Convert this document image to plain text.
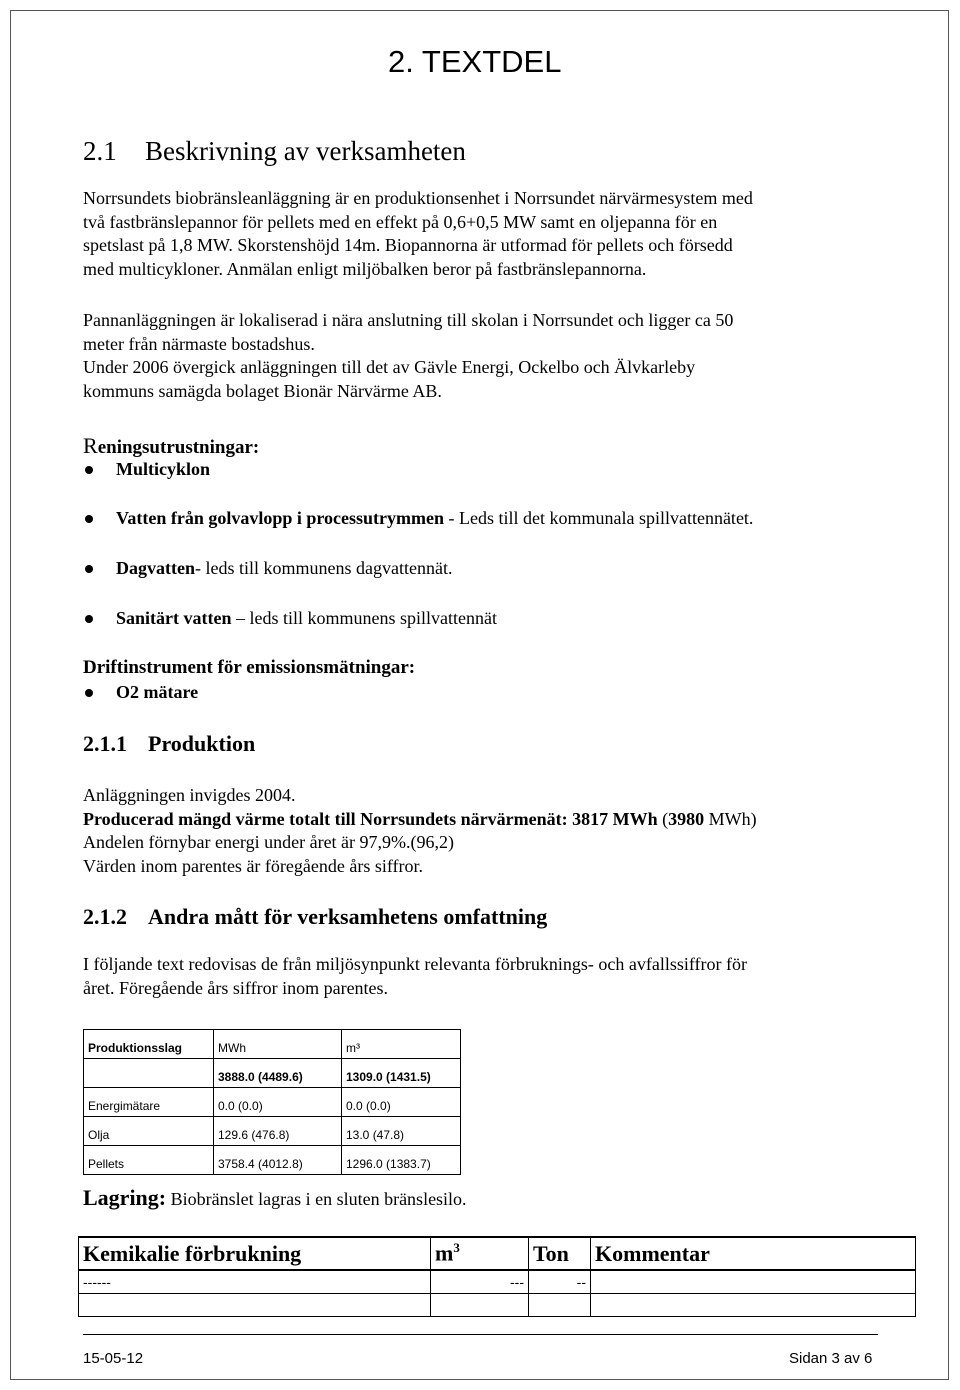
2. TEXTDEL
2.1 Beskrivning av verksamheten
Norrsundets biobränsleanläggning är en produktionsenhet i Norrsundet närvärmesystem med
två fastbränslepannor för pellets med en effekt på 0,6+0,5 MW samt en oljepanna för en
spetslast på 1,8 MW. Skorstenshöjd 14m. Biopannorna är utformad för pellets och försedd
med multicykloner. Anmälan enligt miljöbalken beror på fastbränslepannorna.
Pannanläggningen är lokaliserad i nära anslutning till skolan i Norrsundet och ligger ca 50
meter från närmaste bostadshus.
Under 2006 övergick anläggningen till det av Gävle Energi, Ockelbo och Älvkarleby
kommuns samägda bolaget Bionär Närvärme AB.
Reningsutrustningar:
Multicyklon
Vatten från golvavlopp i processutrymmen - Leds till det kommunala spillvattennätet.
Dagvatten - leds till kommunens dagvattennät.
Sanitärt vatten – leds till kommunens spillvattennät
Driftinstrument för emissionsmätningar:
O2 mätare
2.1.1 Produktion
Anläggningen invigdes 2004.
Producerad mängd värme totalt till Norrsundets närvärmenät: 3817 MWh (3980 MWh)
Andelen förnybar energi under året är 97,9%.(96,2)
Värden inom parentes är föregående års siffror.
2.1.2 Andra mått för verksamhetens omfattning
I följande text redovisas de från miljösynpunkt relevanta förbruknings- och avfallssiffror för
året. Föregående års siffror inom parentes.
Produktionsslag	MWh	m³
	3888.0 (4489.6)	1309.0 (1431.5)
Energimätare	0.0 (0.0)	0.0 (0.0)
Olja	129.6 (476.8)	13.0 (47.8)
Pellets	3758.4 (4012.8)	1296.0 (1383.7)
Lagring: Biobränslet lagras i en sluten bränslesilo.
Kemikalie förbrukning	$m^3$	Ton	Kommentar
------	---	--	

15-05-12	Sidan 3 av 6
